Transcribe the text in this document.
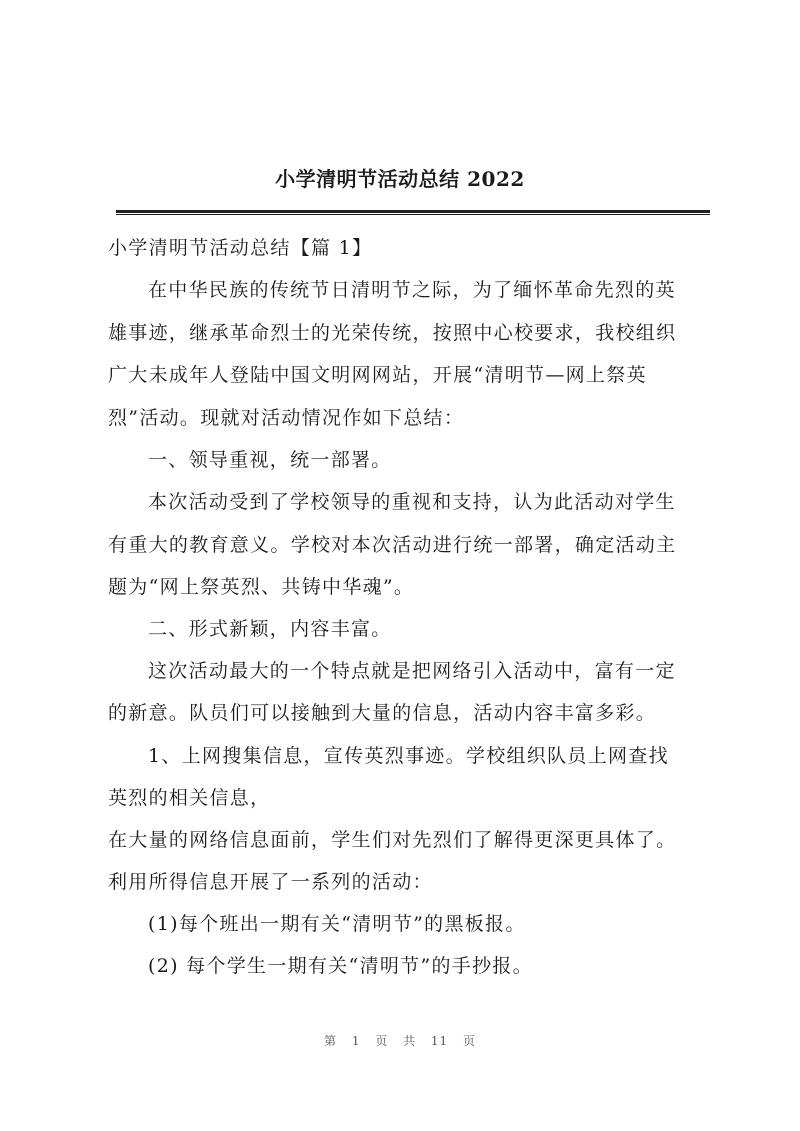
小学清明节活动总结 2022
小学清明节活动总结【篇 1】
在中华民族的传统节日清明节之际，为了缅怀革命先烈的英
雄事迹，继承革命烈士的光荣传统，按照中心校要求，我校组织
广大未成年人登陆中国文明网网站，开展“清明节—网上祭英
烈”活动。现就对活动情况作如下总结：
一、领导重视，统一部署。
本次活动受到了学校领导的重视和支持，认为此活动对学生
有重大的教育意义。学校对本次活动进行统一部署，确定活动主
题为“网上祭英烈、共铸中华魂”。
二、形式新颖，内容丰富。
这次活动最大的一个特点就是把网络引入活动中，富有一定
的新意。队员们可以接触到大量的信息，活动内容丰富多彩。
1、上网搜集信息，宣传英烈事迹。学校组织队员上网查找
英烈的相关信息，
在大量的网络信息面前，学生们对先烈们了解得更深更具体了。
利用所得信息开展了一系列的活动：
(1)每个班出一期有关“清明节”的黑板报。
(2) 每个学生一期有关“清明节”的手抄报。
第 1 页 共 11 页
